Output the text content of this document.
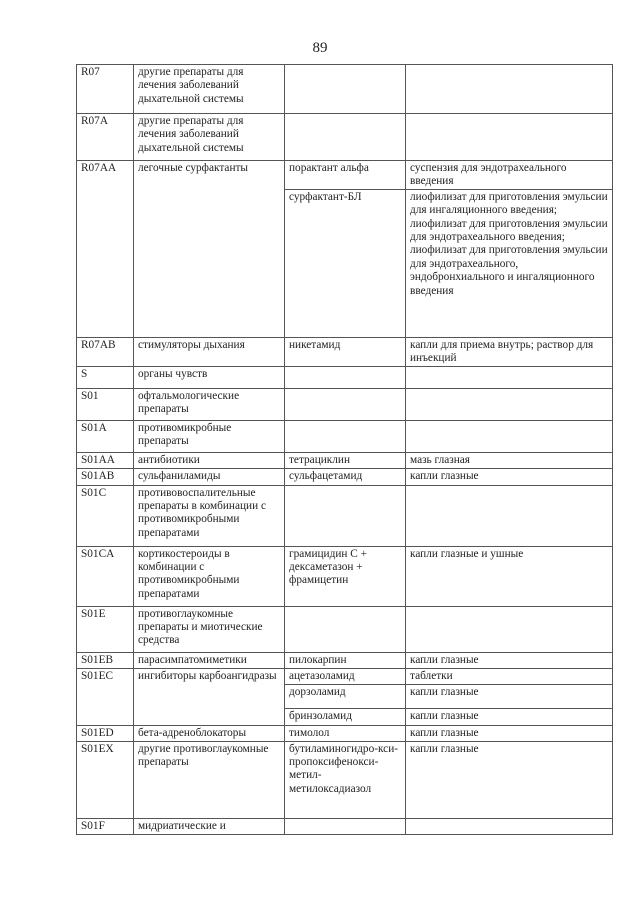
89
R07	другие препараты для лечения заболеваний дыхательной системы		
R07A	другие препараты для лечения заболеваний дыхательной системы		
R07AA	легочные сурфактанты	порактант альфа	суспензия для эндотрахеального введения
		сурфактант-БЛ	лиофилизат для приготовления эмульсии для ингаляционного введения; лиофилизат для приготовления эмульсии для эндотрахеального введения; лиофилизат для приготовления эмульсии для эндотрахеального, эндобронхиального и ингаляционного введения
R07AB	стимуляторы дыхания	никетамид	капли для приема внутрь; раствор для инъекций
S	органы чувств		
S01	офтальмологические препараты		
S01A	противомикробные препараты		
S01AA	антибиотики	тетрациклин	мазь глазная
S01AB	сульфаниламиды	сульфацетамид	капли глазные
S01C	противовоспалительные препараты в комбинации с противомикробными препаратами		
S01CA	кортикостероиды в комбинации с противомикробными препаратами	грамицидин С + дексаметазон + фрамицетин	капли глазные и ушные
S01E	противоглаукомные препараты и миотические средства		
S01EB	парасимпатомиметики	пилокарпин	капли глазные
S01EC	ингибиторы карбоангидразы	ацетазоламид	таблетки
		дорзоламид	капли глазные
		бринзоламид	капли глазные
S01ED	бета-адреноблокаторы	тимолол	капли глазные
S01EX	другие противоглаукомные препараты	бутиламиногидро-кси-пропоксифенокси-метил-метилоксадиазол	капли глазные
S01F	мидриатические и		
